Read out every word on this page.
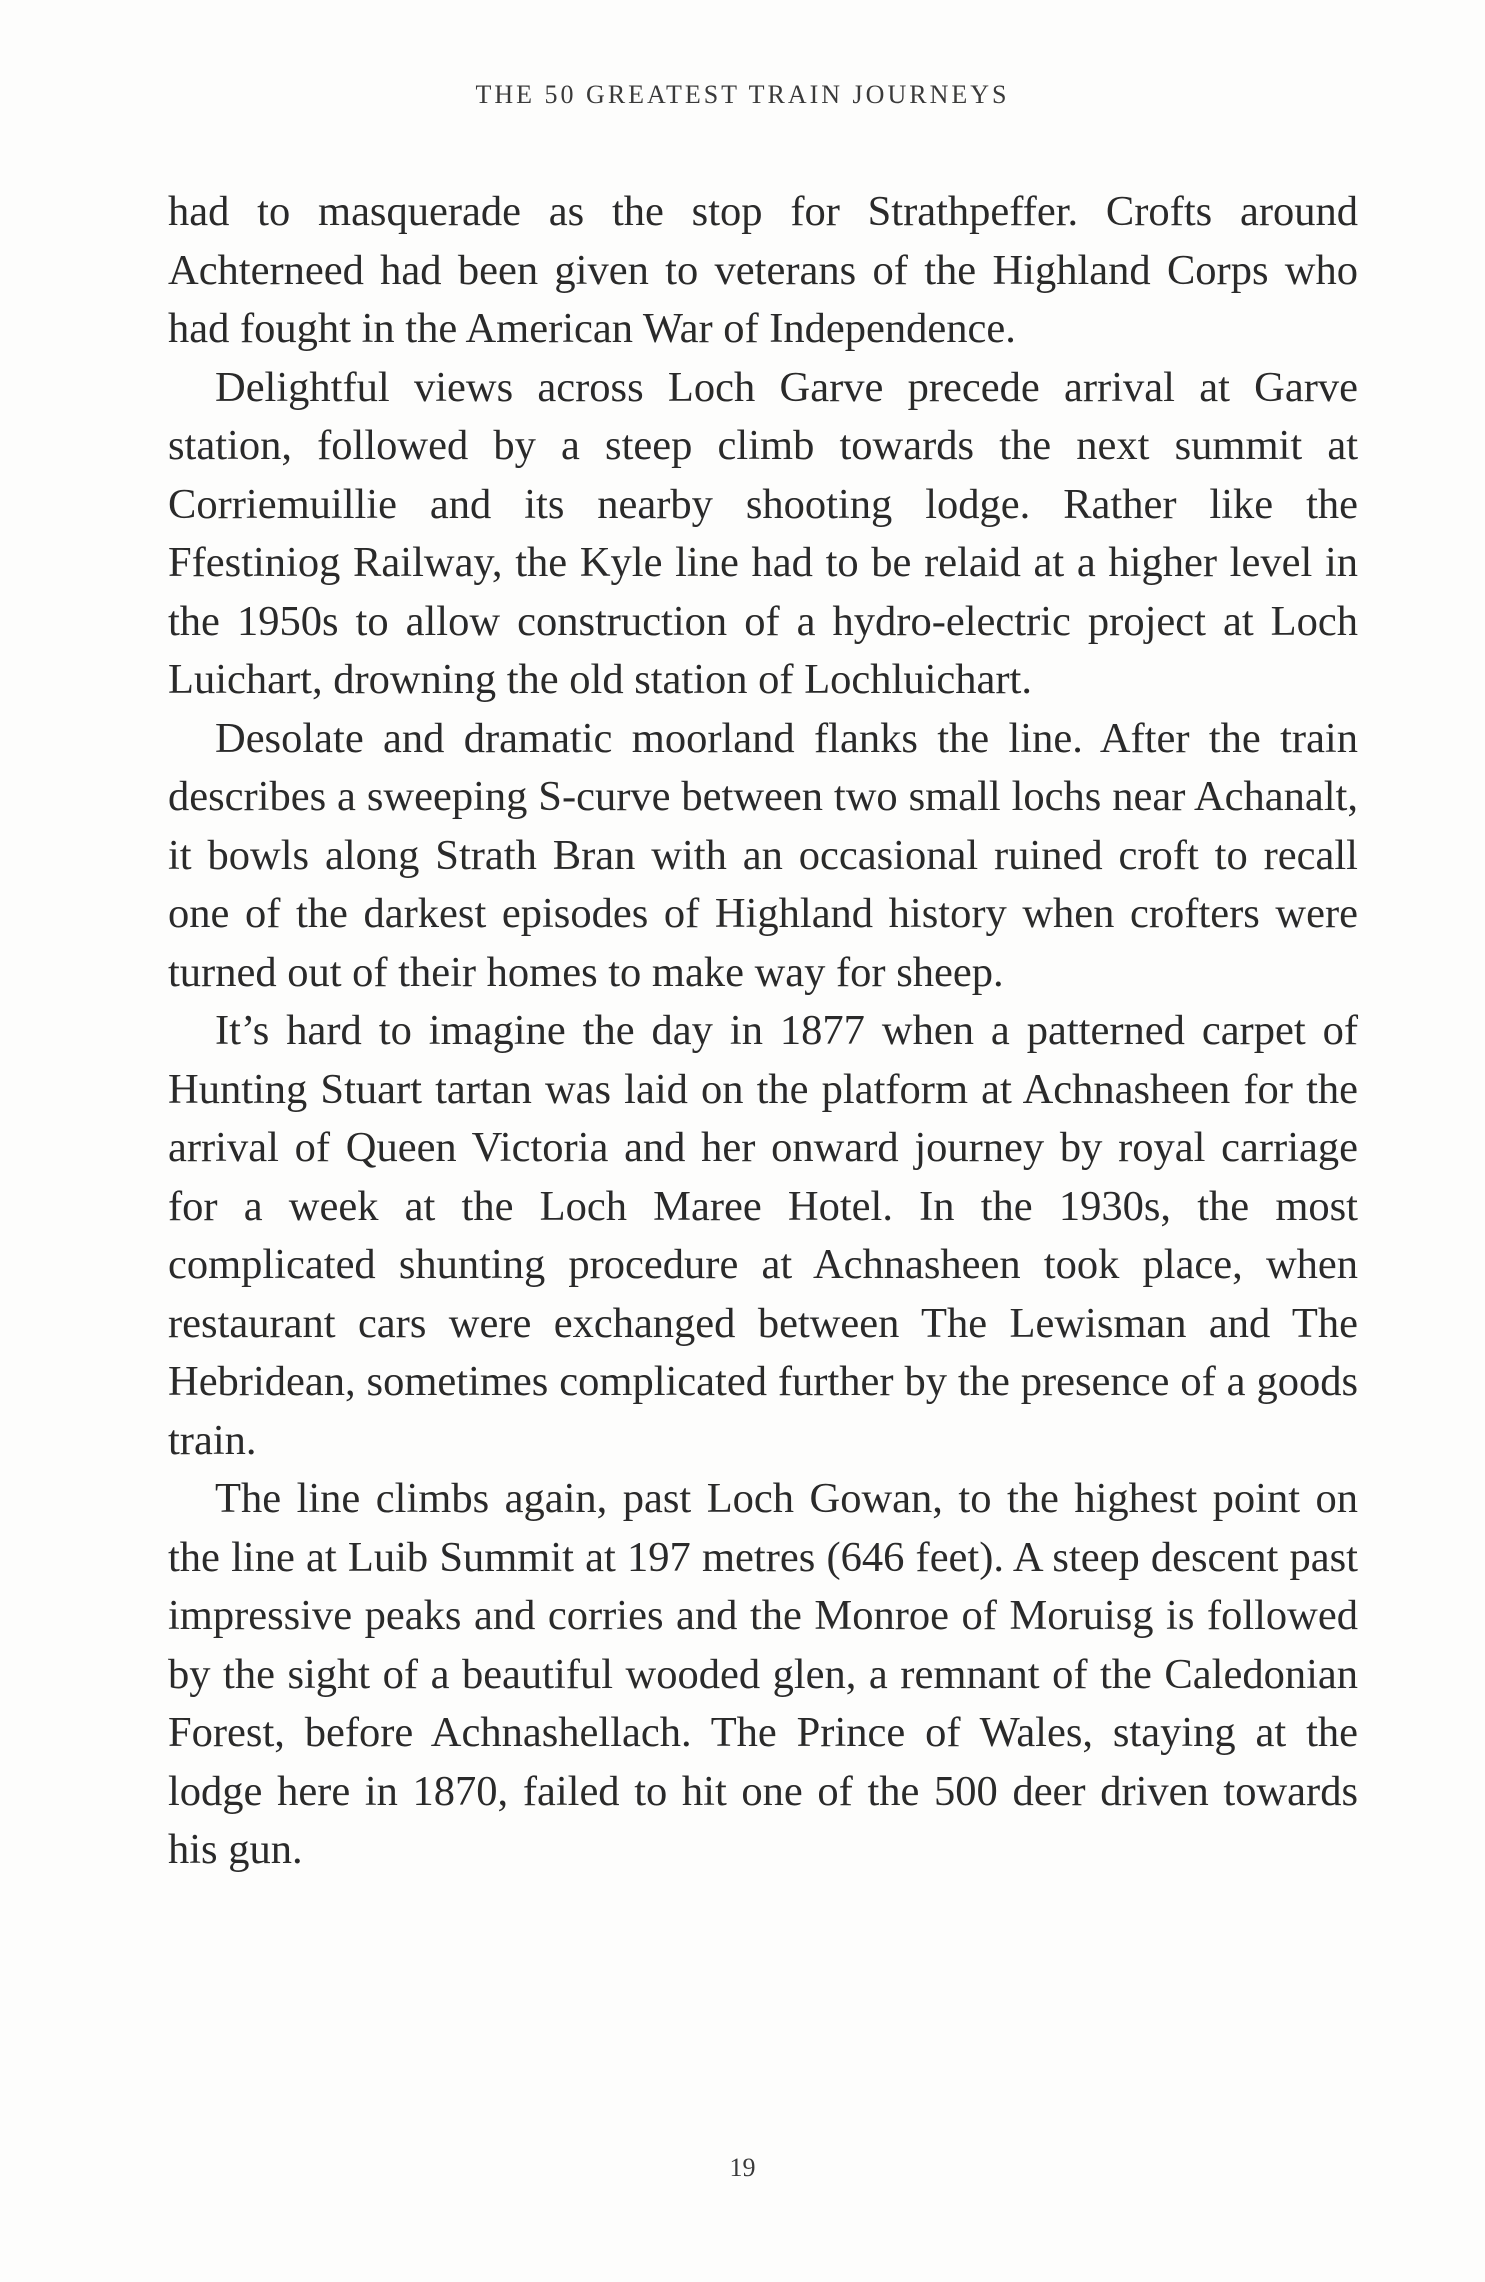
THE 50 GREATEST TRAIN JOURNEYS

had to masquerade as the stop for Strathpeffer. Crofts around Achterneed had been given to veterans of the Highland Corps who had fought in the American War of Independence.

Delightful views across Loch Garve precede arrival at Garve station, followed by a steep climb towards the next summit at Corriemuillie and its nearby shooting lodge. Rather like the Ffestiniog Railway, the Kyle line had to be relaid at a higher level in the 1950s to allow construction of a hydro-electric project at Loch Luichart, drowning the old station of Lochluichart.

Desolate and dramatic moorland flanks the line. After the train describes a sweeping S-curve between two small lochs near Achanalt, it bowls along Strath Bran with an occasional ruined croft to recall one of the darkest episodes of Highland history when crofters were turned out of their homes to make way for sheep.

It’s hard to imagine the day in 1877 when a patterned carpet of Hunting Stuart tartan was laid on the platform at Achnasheen for the arrival of Queen Victoria and her onward journey by royal carriage for a week at the Loch Maree Hotel. In the 1930s, the most complicated shunting procedure at Achnasheen took place, when restaurant cars were exchanged between The Lewisman and The Hebridean, sometimes complicated further by the presence of a goods train.

The line climbs again, past Loch Gowan, to the highest point on the line at Luib Summit at 197 metres (646 feet). A steep descent past impressive peaks and corries and the Monroe of Moruisg is followed by the sight of a beautiful wooded glen, a remnant of the Caledonian Forest, before Achnashellach. The Prince of Wales, staying at the lodge here in 1870, failed to hit one of the 500 deer driven towards his gun.

19
